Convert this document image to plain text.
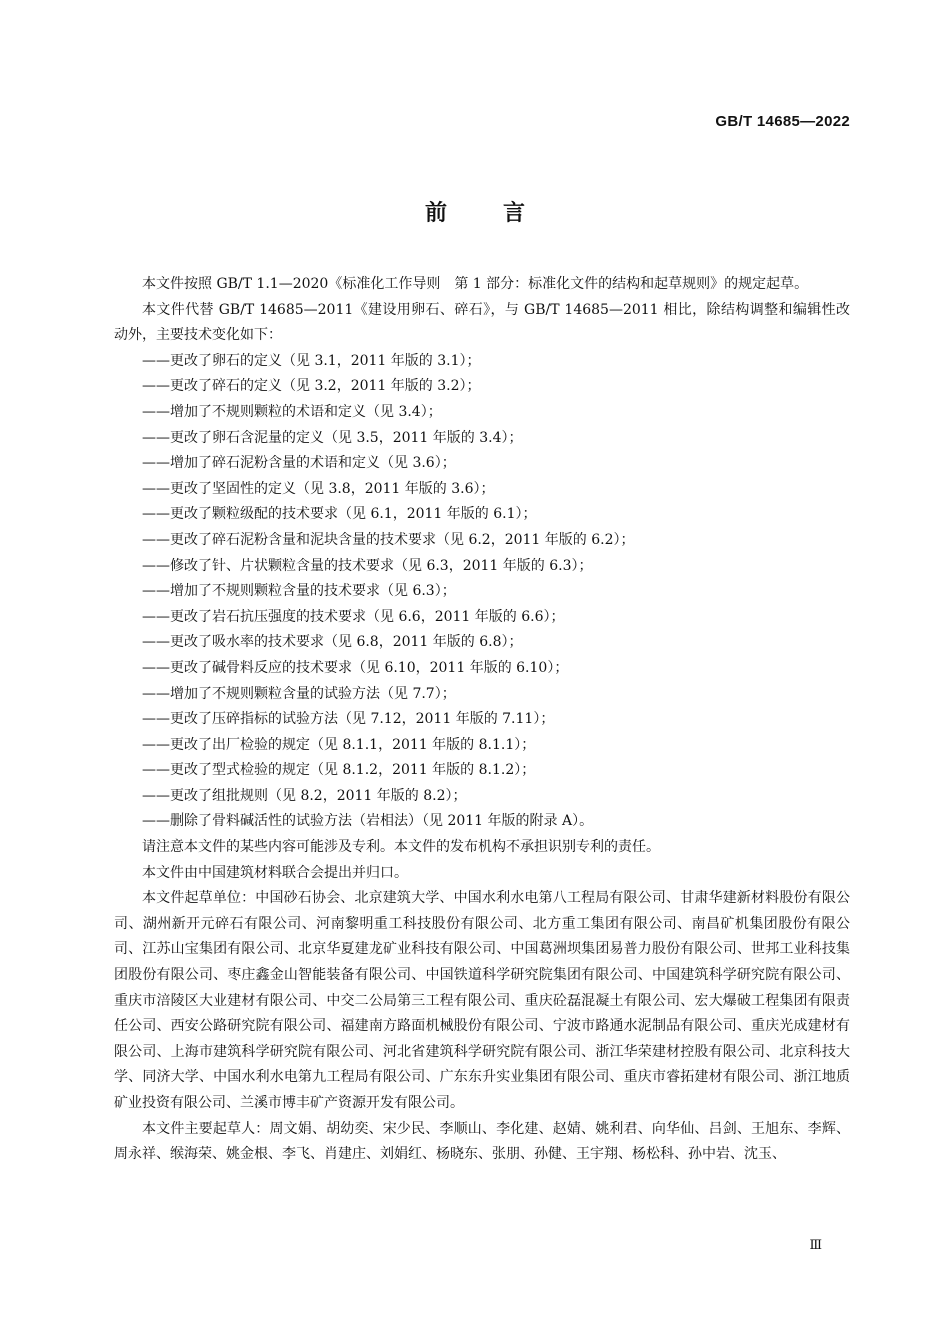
GB/T 14685—2022
前言

本文件按照 GB/T 1.1—2020《标准化工作导则　第 1 部分：标准化文件的结构和起草规则》的规定起草。

本文件代替 GB/T 14685—2011《建设用卵石、碎石》，与 GB/T 14685—2011 相比，除结构调整和编辑性改动外，主要技术变化如下：

——更改了卵石的定义（见 3.1，2011 年版的 3.1）；

——更改了碎石的定义（见 3.2，2011 年版的 3.2）；

——增加了不规则颗粒的术语和定义（见 3.4）；

——更改了卵石含泥量的定义（见 3.5，2011 年版的 3.4）；

——增加了碎石泥粉含量的术语和定义（见 3.6）；

——更改了坚固性的定义（见 3.8，2011 年版的 3.6）；

——更改了颗粒级配的技术要求（见 6.1，2011 年版的 6.1）；

——更改了碎石泥粉含量和泥块含量的技术要求（见 6.2，2011 年版的 6.2）；

——修改了针、片状颗粒含量的技术要求（见 6.3，2011 年版的 6.3）；

——增加了不规则颗粒含量的技术要求（见 6.3）；

——更改了岩石抗压强度的技术要求（见 6.6，2011 年版的 6.6）；

——更改了吸水率的技术要求（见 6.8，2011 年版的 6.8）；

——更改了碱骨料反应的技术要求（见 6.10，2011 年版的 6.10）；

——增加了不规则颗粒含量的试验方法（见 7.7）；

——更改了压碎指标的试验方法（见 7.12，2011 年版的 7.11）；

——更改了出厂检验的规定（见 8.1.1，2011 年版的 8.1.1）；

——更改了型式检验的规定（见 8.1.2，2011 年版的 8.1.2）；

——更改了组批规则（见 8.2，2011 年版的 8.2）；

——删除了骨料碱活性的试验方法（岩相法）（见 2011 年版的附录 A）。

请注意本文件的某些内容可能涉及专利。本文件的发布机构不承担识别专利的责任。

本文件由中国建筑材料联合会提出并归口。

本文件起草单位：中国砂石协会、北京建筑大学、中国水利水电第八工程局有限公司、甘肃华建新材料股份有限公司、湖州新开元碎石有限公司、河南黎明重工科技股份有限公司、北方重工集团有限公司、南昌矿机集团股份有限公司、江苏山宝集团有限公司、北京华夏建龙矿业科技有限公司、中国葛洲坝集团易普力股份有限公司、世邦工业科技集团股份有限公司、枣庄鑫金山智能装备有限公司、中国铁道科学研究院集团有限公司、中国建筑科学研究院有限公司、重庆市涪陵区大业建材有限公司、中交二公局第三工程有限公司、重庆砼磊混凝土有限公司、宏大爆破工程集团有限责任公司、西安公路研究院有限公司、福建南方路面机械股份有限公司、宁波市路通水泥制品有限公司、重庆光成建材有限公司、上海市建筑科学研究院有限公司、河北省建筑科学研究院有限公司、浙江华荣建材控股有限公司、北京科技大学、同济大学、中国水利水电第九工程局有限公司、广东东升实业集团有限公司、重庆市睿拓建材有限公司、浙江地质矿业投资有限公司、兰溪市博丰矿产资源开发有限公司。

本文件主要起草人：周文娟、胡幼奕、宋少民、李顺山、李化建、赵婧、姚利君、向华仙、吕剑、王旭东、李辉、周永祥、缑海荣、姚金根、李飞、肖建庄、刘娟红、杨晓东、张朋、孙健、王宇翔、杨松科、孙中岩、沈玉、

Ⅲ
